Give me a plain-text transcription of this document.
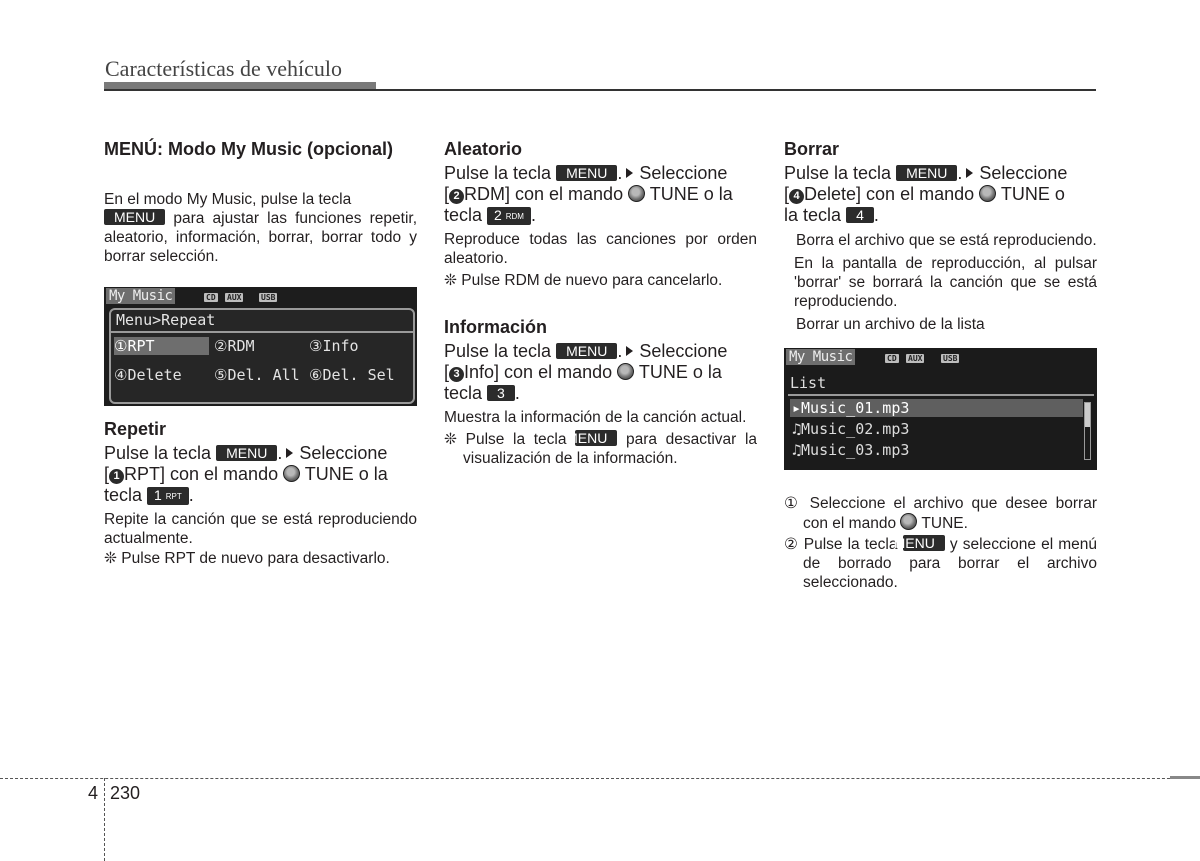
Características de vehículo

MENÚ: Modo My Music (opcional)

En el modo My Music, pulse la tecla
MENU para ajustar las funciones repetir, aleatorio, información, borrar, borrar todo y borrar selección.

My Music	CD AUX USB
Menu>Repeat
①RPT	②RDM	③Info
④Delete ⑤Del. All ⑥Del. Sel

Repetir

Pulse la tecla MENU . Seleccione
[ 1 RPT] con el mando TUNE o la
tecla 1 $_{RPT}$ .

Repite la canción que se está reproduciendo actualmente.

❊ Pulse RPT de nuevo para desactivarlo.

Aleatorio

Pulse la tecla MENU . Seleccione
[ 2 RDM] con el mando TUNE o la
tecla 2 $_{RDM}$ .

Reproduce todas las canciones por orden aleatorio.

❊ Pulse RDM de nuevo para cancelarlo.

Información

Pulse la tecla MENU . Seleccione
[ 3 Info] con el mando TUNE o la
tecla 3 .

Muestra la información de la canción actual.

❊ Pulse la tecla MENU para desactivar la visualización de la información.

Borrar

Pulse la tecla MENU . Seleccione
[ 4 Delete] con el mando TUNE o
la tecla 4 .

Borra el archivo que se está reproduciendo.

En la pantalla de reproducción, al pulsar 'borrar' se borrará la canción que se está reproduciendo.

Borrar un archivo de la lista

My Music	CD AUX	USB
List
▸Music_01.mp3
♫Music_02.mp3
♫Music_03.mp3

① Seleccione el archivo que desee borrar con el mando TUNE.

② Pulse la tecla MENU y seleccione el menú de borrado para borrar el archivo seleccionado.

4 230
